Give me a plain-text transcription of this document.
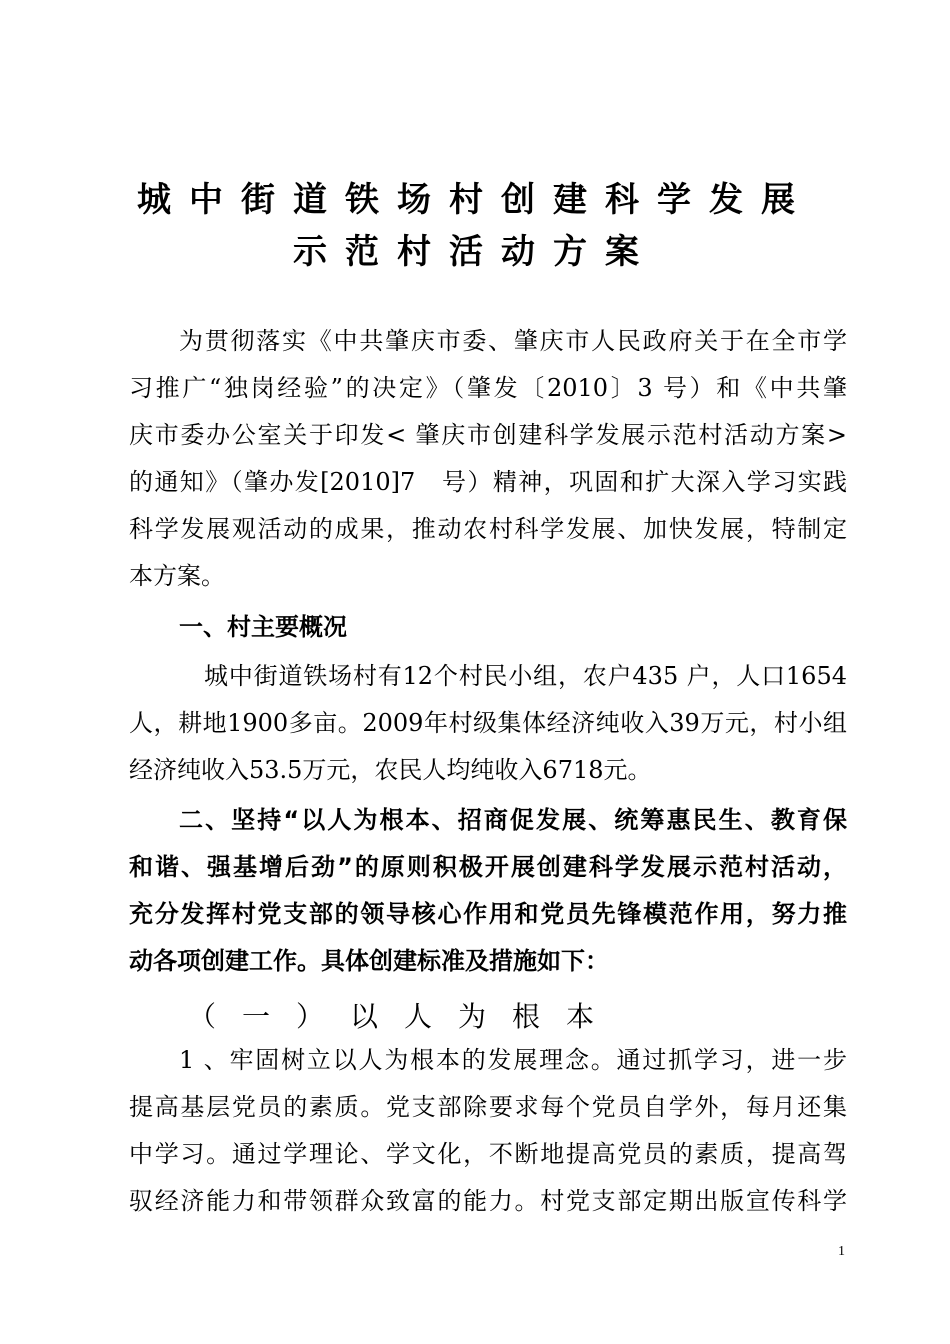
城中街道铁场村创建科学发展
示范村活动方案
为贯彻落实《中共肇庆市委、肇庆市人民政府关于在全市学
习推广“独岗经验”的决定》（肇发〔2010〕3 号）和《中共肇
庆市委办公室关于印发< 肇庆市创建科学发展示范村活动方案>
的通知》（肇办发[2010]7　号）精神，巩固和扩大深入学习实践
科学发展观活动的成果，推动农村科学发展、加快发展，特制定
本方案。
一、村主要概况
城中街道铁场村有12个村民小组，农户435 户，人口1654
人，耕地1900多亩。2009年村级集体经济纯收入39万元，村小组
经济纯收入53.5万元，农民人均纯收入6718元。
二、坚持“以人为根本、招商促发展、统筹惠民生、教育保
和谐、强基增后劲”的原则积极开展创建科学发展示范村活动，
充分发挥村党支部的领导核心作用和党员先锋模范作用，努力推
动各项创建工作。具体创建标准及措施如下：
（一）以人为根本
1 、牢固树立以人为根本的发展理念。通过抓学习，进一步
提高基层党员的素质。党支部除要求每个党员自学外，每月还集
中学习。通过学理论、学文化，不断地提高党员的素质，提高驾
驭经济能力和带领群众致富的能力。村党支部定期出版宣传科学
1
